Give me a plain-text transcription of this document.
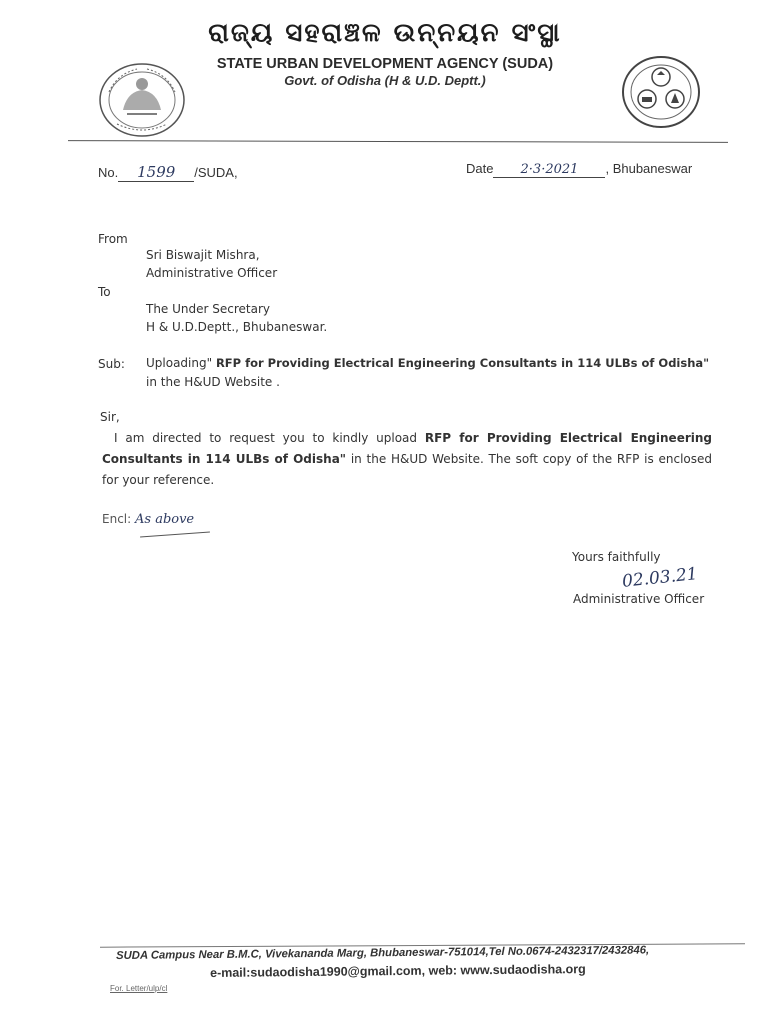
ରାଜ୍ୟ ସହରାଞ୍ଚଳ ଉନ୍ନୟନ ସଂସ୍ଥା
STATE URBAN DEVELOPMENT AGENCY (SUDA)
Govt. of Odisha (H & U.D. Deptt.)
No. 1599 /SUDA,	Date 2·3·2021 , Bhubaneswar
From
Sri Biswajit Mishra,
Administrative Officer
To
The Under Secretary
H & U.D.Deptt., Bhubaneswar.
Sub: Uploading" RFP for Providing Electrical Engineering Consultants in 114 ULBs of Odisha"
in the H&UD Website .
Sir,
I am directed to request you to kindly upload RFP for Providing Electrical Engineering Consultants in 114 ULBs of Odisha" in the H&UD Website. The soft copy of the RFP is enclosed for your reference.
Encl: As above
Yours faithfully
02.03.21
Administrative Officer
SUDA Campus Near B.M.C, Vivekananda Marg, Bhubaneswar-751014,Tel No.0674-2432317/2432846,
e-mail:sudaodisha1990@gmail.com, web: www.sudaodisha.org
For. Letter/ulp/cl
